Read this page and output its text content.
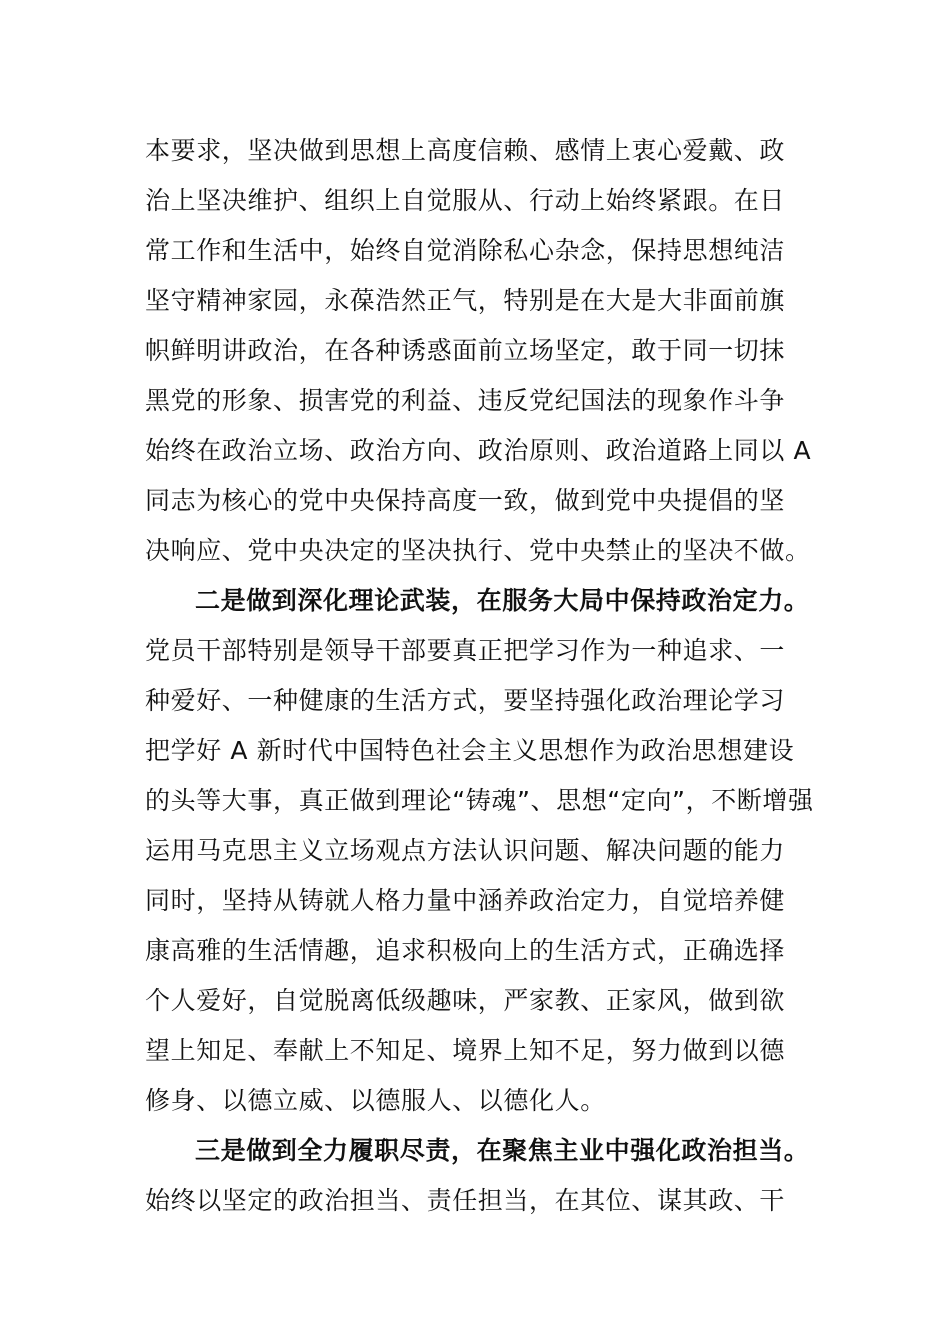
本要求，坚决做到思想上高度信赖、感情上衷心爱戴、政
治上坚决维护、组织上自觉服从、行动上始终紧跟。在日
常工作和生活中，始终自觉消除私心杂念，保持思想纯洁
坚守精神家园，永葆浩然正气，特别是在大是大非面前旗
帜鲜明讲政治，在各种诱惑面前立场坚定，敢于同一切抹
黑党的形象、损害党的利益、违反党纪国法的现象作斗争
始终在政治立场、政治方向、政治原则、政治道路上同以 A
同志为核心的党中央保持高度一致，做到党中央提倡的坚
决响应、党中央决定的坚决执行、党中央禁止的坚决不做。
二是做到深化理论武装，在服务大局中保持政治定力。
党员干部特别是领导干部要真正把学习作为一种追求、一
种爱好、一种健康的生活方式，要坚持强化政治理论学习
把学好 A 新时代中国特色社会主义思想作为政治思想建设
的头等大事，真正做到理论“铸魂”、思想“定向”，不断增强
运用马克思主义立场观点方法认识问题、解决问题的能力
同时，坚持从铸就人格力量中涵养政治定力，自觉培养健
康高雅的生活情趣，追求积极向上的生活方式，正确选择
个人爱好，自觉脱离低级趣味，严家教、正家风，做到欲
望上知足、奉献上不知足、境界上知不足，努力做到以德
修身、以德立威、以德服人、以德化人。
三是做到全力履职尽责，在聚焦主业中强化政治担当。
始终以坚定的政治担当、责任担当，在其位、谋其政、干
